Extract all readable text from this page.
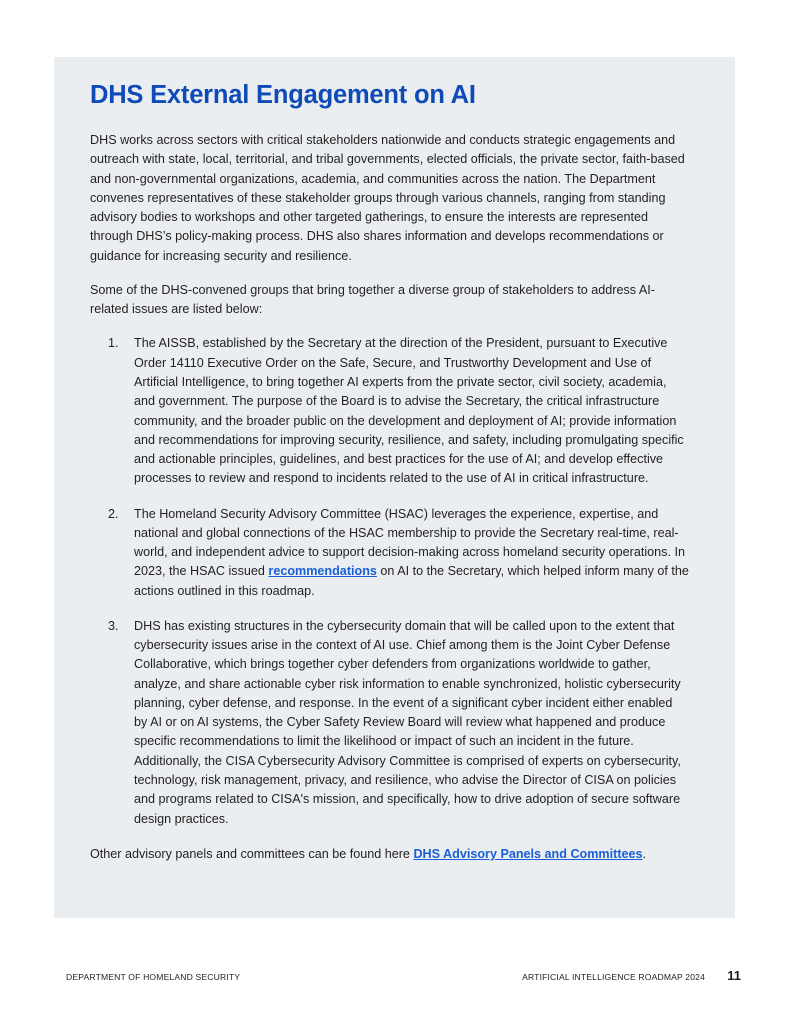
DHS External Engagement on AI

DHS works across sectors with critical stakeholders nationwide and conducts strategic engagements and outreach with state, local, territorial, and tribal governments, elected officials, the private sector, faith-based and non-governmental organizations, academia, and communities across the nation. The Department convenes representatives of these stakeholder groups through various channels, ranging from standing advisory bodies to workshops and other targeted gatherings, to ensure the interests are represented through DHS’s policy-making process. DHS also shares information and develops recommendations or guidance for increasing security and resilience.

Some of the DHS-convened groups that bring together a diverse group of stakeholders to address AI-related issues are listed below:

1. The AISSB, established by the Secretary at the direction of the President, pursuant to Executive Order 14110 Executive Order on the Safe, Secure, and Trustworthy Development and Use of Artificial Intelligence, to bring together AI experts from the private sector, civil society, academia, and government. The purpose of the Board is to advise the Secretary, the critical infrastructure community, and the broader public on the development and deployment of AI; provide information and recommendations for improving security, resilience, and safety, including promulgating specific and actionable principles, guidelines, and best practices for the use of AI; and develop effective processes to review and respond to incidents related to the use of AI in critical infrastructure.
2. The Homeland Security Advisory Committee (HSAC) leverages the experience, expertise, and national and global connections of the HSAC membership to provide the Secretary real-time, real-world, and independent advice to support decision-making across homeland security operations. In 2023, the HSAC issued recommendations on AI to the Secretary, which helped inform many of the actions outlined in this roadmap.
3. DHS has existing structures in the cybersecurity domain that will be called upon to the extent that cybersecurity issues arise in the context of AI use. Chief among them is the Joint Cyber Defense Collaborative, which brings together cyber defenders from organizations worldwide to gather, analyze, and share actionable cyber risk information to enable synchronized, holistic cybersecurity planning, cyber defense, and response. In the event of a significant cyber incident either enabled by AI or on AI systems, the Cyber Safety Review Board will review what happened and produce specific recommendations to limit the likelihood or impact of such an incident in the future. Additionally, the CISA Cybersecurity Advisory Committee is comprised of experts on cybersecurity, technology, risk management, privacy, and resilience, who advise the Director of CISA on policies and programs related to CISA's mission, and specifically, how to drive adoption of secure software design practices.

Other advisory panels and committees can be found here DHS Advisory Panels and Committees.

DEPARTMENT OF HOMELAND SECURITY	ARTIFICIAL INTELLIGENCE ROADMAP 2024 11
